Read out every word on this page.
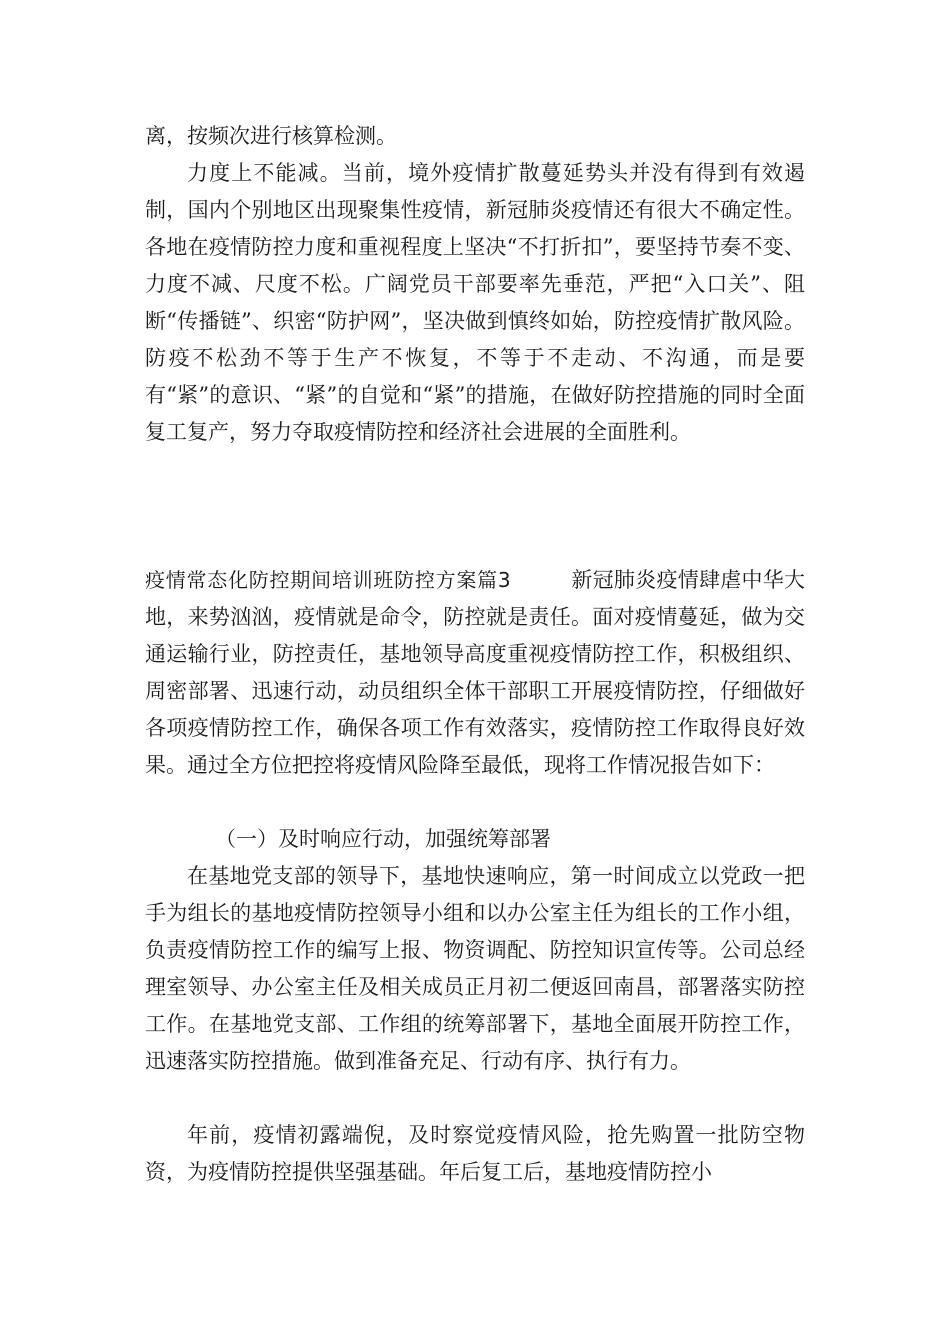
离，按频次进行核算检测。

力度上不能减。当前，境外疫情扩散蔓延势头并没有得到有效遏制，国内个别地区出现聚集性疫情，新冠肺炎疫情还有很大不确定性。各地在疫情防控力度和重视程度上坚决“不打折扣”，要坚持节奏不变、力度不减、尺度不松。广阔党员干部要率先垂范，严把“入口关”、阻断“传播链”、织密“防护网”，坚决做到慎终如始，防控疫情扩散风险。防疫不松劲不等于生产不恢复，不等于不走动、不沟通，而是要有“紧”的意识、“紧”的自觉和“紧”的措施，在做好防控措施的同时全面复工复产，努力夺取疫情防控和经济社会进展的全面胜利。

疫情常态化防控期间培训班防控方案篇3	新冠肺炎疫情肆虐中华大地，来势汹汹，疫情就是命令，防控就是责任。面对疫情蔓延，做为交通运输行业，防控责任，基地领导高度重视疫情防控工作，积极组织、周密部署、迅速行动，动员组织全体干部职工开展疫情防控，仔细做好各项疫情防控工作，确保各项工作有效落实，疫情防控工作取得良好效果。通过全方位把控将疫情风险降至最低，现将工作情况报告如下：

（一）及时响应行动，加强统筹部署

在基地党支部的领导下，基地快速响应，第一时间成立以党政一把手为组长的基地疫情防控领导小组和以办公室主任为组长的工作小组，负责疫情防控工作的编写上报、物资调配、防控知识宣传等。公司总经理室领导、办公室主任及相关成员正月初二便返回南昌，部署落实防控工作。在基地党支部、工作组的统筹部署下，基地全面展开防控工作，迅速落实防控措施。做到准备充足、行动有序、执行有力。

年前，疫情初露端倪，及时察觉疫情风险，抢先购置一批防空物资，为疫情防控提供坚强基础。年后复工后，基地疫情防控小
